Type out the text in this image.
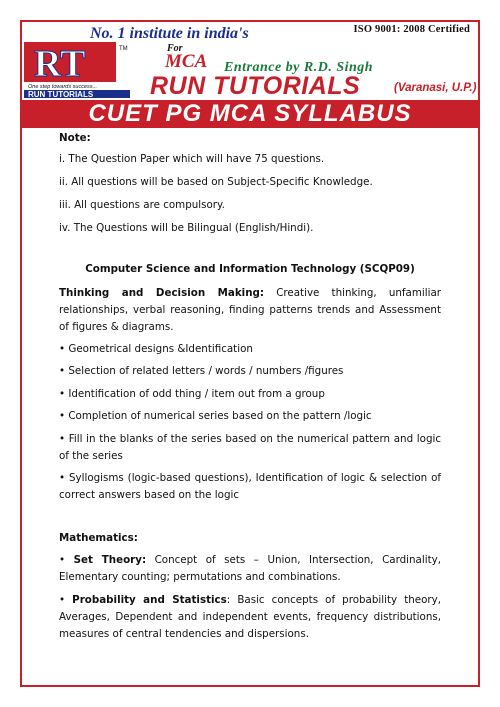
RT	TM
One step towards success...
RUN TUTORIALS
ISO 9001: 2008 Certified
No. 1 institute in india's
For
MCA Entrance by R.D. Singh
RUN TUTORIALS	(Varanasi, U.P.)
CUET PG MCA SYLLABUS
Note:
i. The Question Paper which will have 75 questions.
ii. All questions will be based on Subject-Specific Knowledge.
iii. All questions are compulsory.
iv. The Questions will be Bilingual (English/Hindi).
Computer Science and Information Technology (SCQP09)
Thinking and Decision Making: Creative thinking, unfamiliar relationships, verbal reasoning, finding patterns trends and Assessment of figures & diagrams.
• Geometrical designs &Identification
• Selection of related letters / words / numbers /figures
• Identification of odd thing / item out from a group
• Completion of numerical series based on the pattern /logic
• Fill in the blanks of the series based on the numerical pattern and logic of the series
• Syllogisms (logic-based questions), Identification of logic & selection of correct answers based on the logic
Mathematics:
• Set Theory: Concept of sets – Union, Intersection, Cardinality, Elementary counting; permutations and combinations.
• Probability and Statistics: Basic concepts of probability theory, Averages, Dependent and independent events, frequency distributions, measures of central tendencies and dispersions.
